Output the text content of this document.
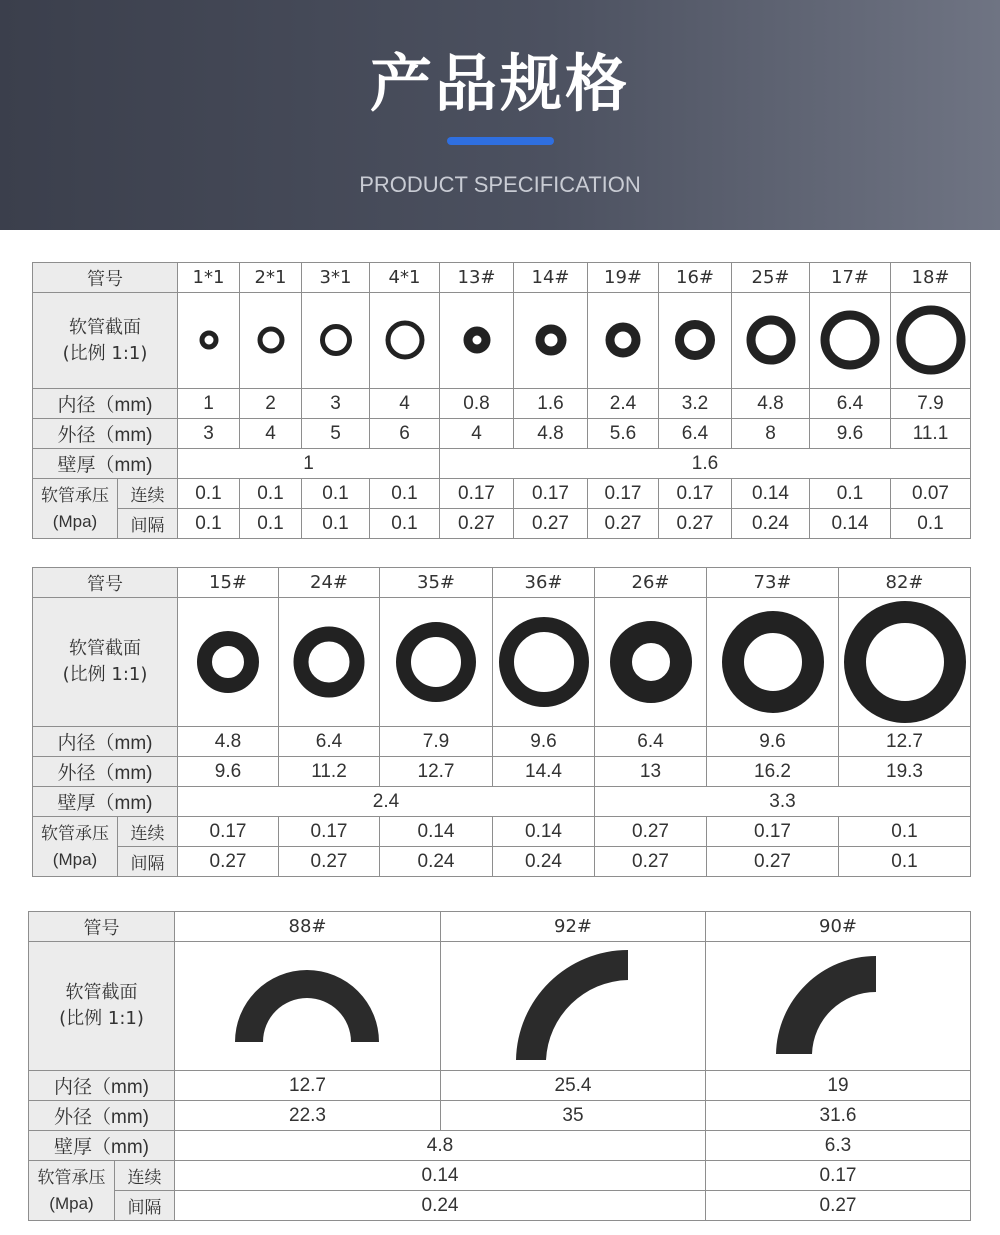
产品规格
PRODUCT SPECIFICATION
管号		1*1	2*1	3*1	4*1	13#	14#	19#	16#	25#	17#	18#

软管截面
(比例 1:1)

内径（mm)		1	2	3	4	0.8	1.6	2.4	3.2	4.8	6.4	7.9
外径（mm)		3	4	5	6	4	4.8	5.6	6.4	8	9.6	11.1
壁厚（mm)		1				1.6						

软管承压
(Mpa)	连续	0.1	0.1	0.1	0.1	0.17	0.17	0.17	0.17	0.14	0.1	0.07
	间隔	0.1	0.1	0.1	0.1	0.27	0.27	0.27	0.27	0.24	0.14	0.1
管号		15#	24#	35#	36#	26#	73#	82#

软管截面
(比例 1:1)

内径（mm)		4.8	6.4	7.9	9.6	6.4	9.6	12.7
外径（mm)		9.6	11.2	12.7	14.4	13	16.2	19.3
壁厚（mm)		2.4				3.3		

软管承压
(Mpa)	连续	0.17	0.17	0.14	0.14	0.27	0.17	0.1
	间隔	0.27	0.27	0.24	0.24	0.27	0.27	0.1
管号		88#	92#	90#

软管截面
(比例 1:1)

内径（mm)		12.7	25.4	19
外径（mm)		22.3	35	31.6
壁厚（mm)		4.8		6.3

软管承压
(Mpa)	连续	0.14		0.17
	间隔	0.24		0.27
